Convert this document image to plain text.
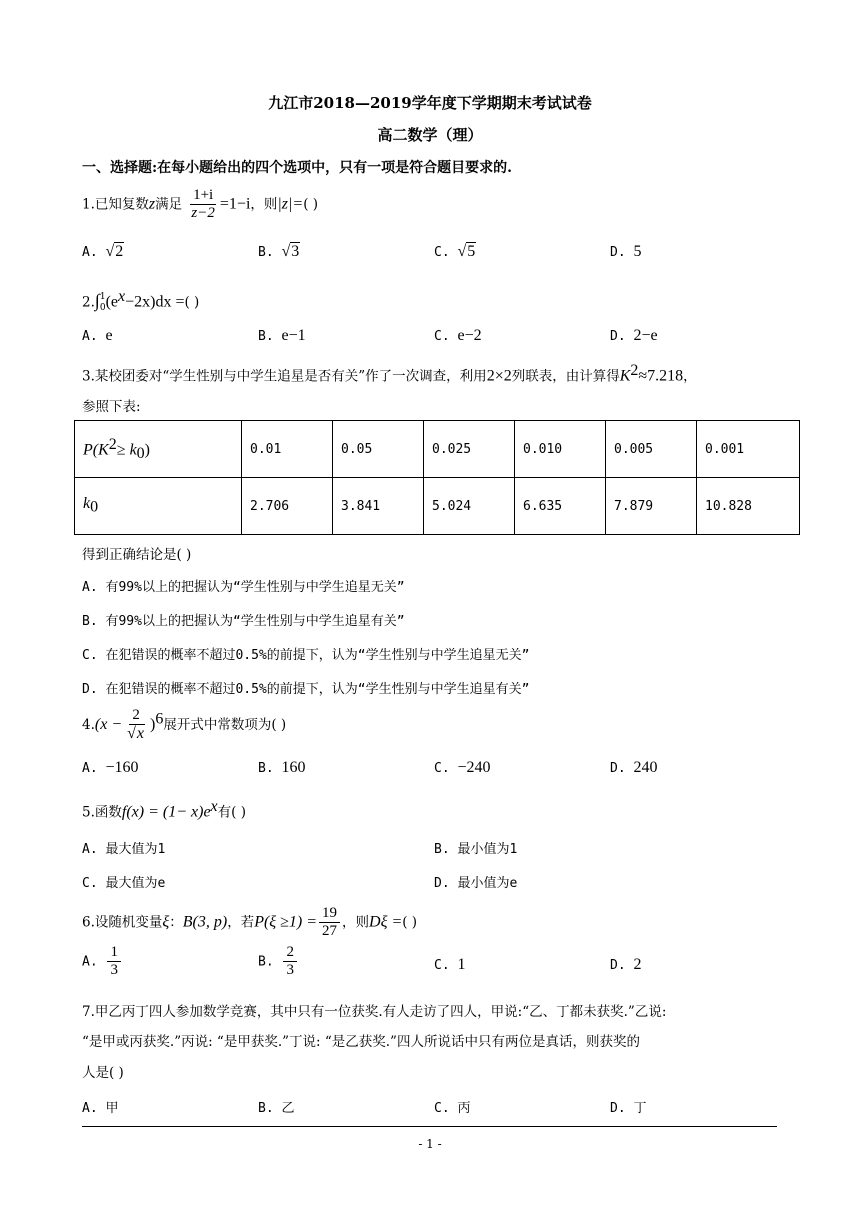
九江市2018—2019学年度下学期期末考试试卷
高二数学（理）
一、选择题:在每小题给出的四个选项中，只有一项是符合题目要求的.
1.已知复数z满足 $\frac{1+i}{z-2} =1-i$，则|z|=( )
A. √2	B. √3	C. √5	D. 5
2.∫ 1
0 $(e^x-2x)dx$ =( )
A. e	B. e−1	C. e−2	D. 2−e
3.某校团委对“学生性别与中学生追星是否有关”作了一次调查，利用2×2列联表，由计算得$K^2\approx 7.218$，
参照下表:
$P(K^2\ge k_0)$	0.01	0.05	0.025	0.010	0.005	0.001
$k_0$	2.706	3.841	5.024	6.635	7.879	10.828
得到正确结论是( )
A. 有99%以上的把握认为“学生性别与中学生追星无关”
B. 有99%以上的把握认为“学生性别与中学生追星有关”
C. 在犯错误的概率不超过0.5%的前提下，认为“学生性别与中学生追星无关”
D. 在犯错误的概率不超过0.5%的前提下，认为“学生性别与中学生追星有关”
$4.(x - \frac{2}{√x} )^6$展开式中常数项为( )
A. −160	B. 160	C. −240	D. 240
5.函数$f(x) = (1- x)e^x$有( )
A. 最大值为1	B. 最小值为1
C. 最大值为e	D. 最小值为e
6.设随机变量ξ：B(3, p)，若$P(\xi \ge 1) = \frac{19}{27}$ ，则Dξ =( )
A. $\frac{1}{3}$	B. $\frac{2}{3}$	C. 1	D. 2
7.甲乙丙丁四人参加数学竞赛，其中只有一位获奖.有人走访了四人，甲说:“乙、丁都未获奖.”乙说:
“是甲或丙获奖.”丙说: “是甲获奖.”丁说: “是乙获奖.”四人所说话中只有两位是真话，则获奖的
人是( )
A. 甲	B. 乙	C. 丙	D. 丁
- 1 -
